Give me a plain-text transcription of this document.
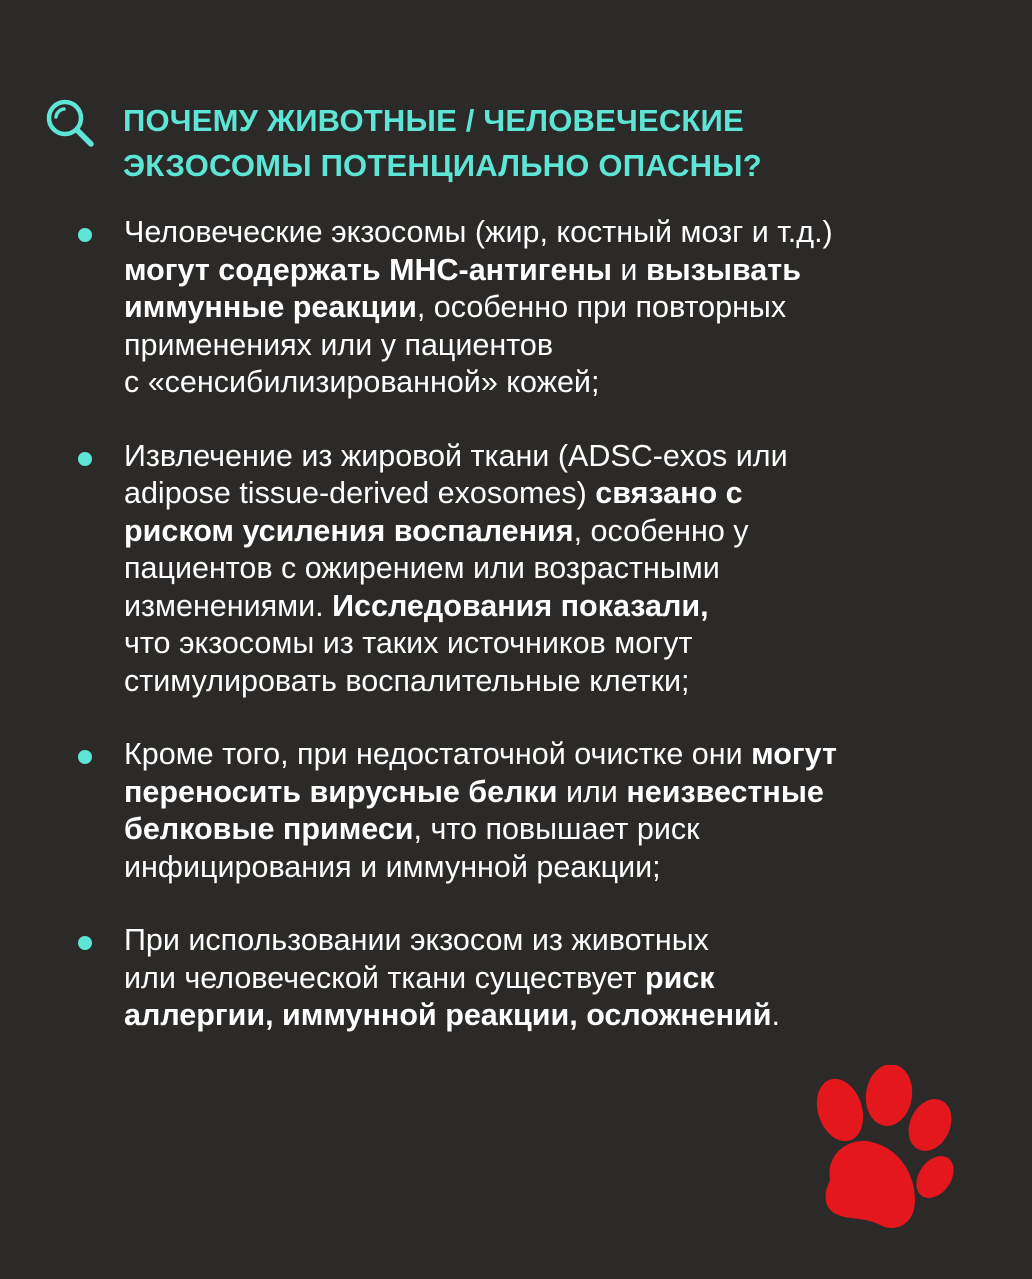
ПОЧЕМУ ЖИВОТНЫЕ / ЧЕЛОВЕЧЕСКИЕ
ЭКЗОСОМЫ ПОТЕНЦИАЛЬНО ОПАСНЫ?
Человеческие экзосомы (жир, костный мозг и т.д.)
могут содержать МНС-антигены и вызывать
иммунные реакции, особенно при повторных
применениях или у пациентов
с «сенсибилизированной» кожей;
Извлечение из жировой ткани (ADSC-exos или
adipose tissue-derived exosomes) связано с
риском усиления воспаления, особенно у
пациентов с ожирением или возрастными
изменениями. Исследования показали,
что экзосомы из таких источников могут
стимулировать воспалительные клетки;
Кроме того, при недостаточной очистке они могут
переносить вирусные белки или неизвестные
белковые примеси, что повышает риск
инфицирования и иммунной реакции;
При использовании экзосом из животных
или человеческой ткани существует риск
аллергии, иммунной реакции, осложнений.
